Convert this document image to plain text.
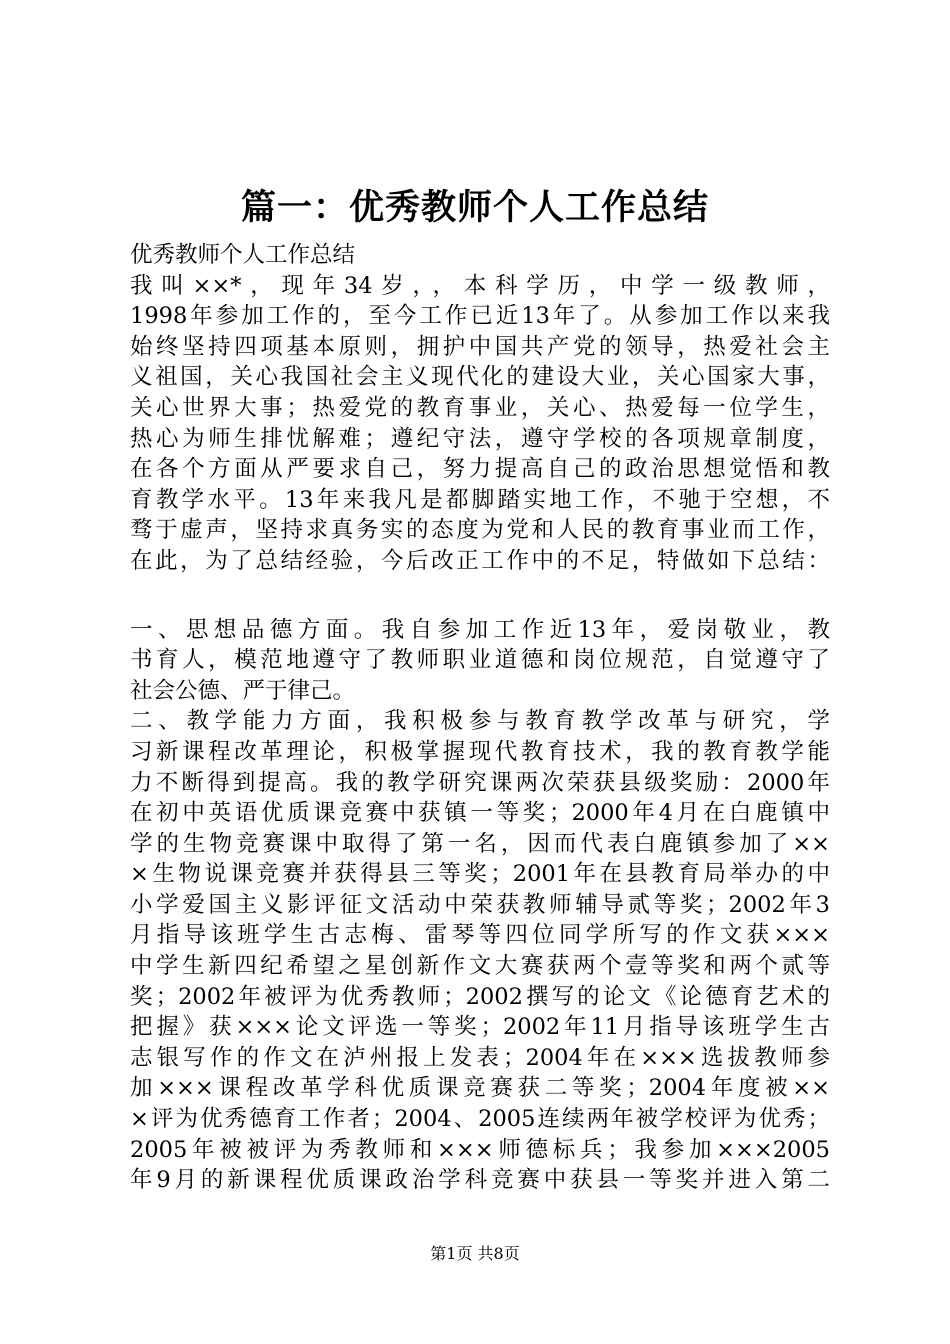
篇一：优秀教师个人工作总结
优秀教师个人工作总结
我叫××*，现年34岁，，本科学历，中学一级教师，
1998年参加工作的，至今工作已近13年了。从参加工作以来我
始终坚持四项基本原则，拥护中国共产党的领导，热爱社会主
义祖国，关心我国社会主义现代化的建设大业，关心国家大事，
关心世界大事；热爱党的教育事业，关心、热爱每一位学生，
热心为师生排忧解难；遵纪守法，遵守学校的各项规章制度，
在各个方面从严要求自己，努力提高自己的政治思想觉悟和教
育教学水平。13年来我凡是都脚踏实地工作，不驰于空想，不
骛于虚声，坚持求真务实的态度为党和人民的教育事业而工作，
在此，为了总结经验，今后改正工作中的不足，特做如下总结：
一、思想品德方面。我自参加工作近13年，爱岗敬业，教
书育人，模范地遵守了教师职业道德和岗位规范，自觉遵守了
社会公德、严于律己。
二、教学能力方面，我积极参与教育教学改革与研究，学
习新课程改革理论，积极掌握现代教育技术，我的教育教学能
力不断得到提高。我的教学研究课两次荣获县级奖励：2000年
在初中英语优质课竞赛中获镇一等奖；2000年4月在白鹿镇中
学的生物竞赛课中取得了第一名，因而代表白鹿镇参加了××
×生物说课竞赛并获得县三等奖；2001年在县教育局举办的中
小学爱国主义影评征文活动中荣获教师辅导贰等奖；2002年3
月指导该班学生古志梅、雷琴等四位同学所写的作文获×××
中学生新四纪希望之星创新作文大赛获两个壹等奖和两个贰等
奖；2002年被评为优秀教师；2002撰写的论文《论德育艺术的
把握》获×××论文评选一等奖；2002年11月指导该班学生古
志银写作的作文在泸州报上发表；2004年在×××选拔教师参
加×××课程改革学科优质课竞赛获二等奖；2004年度被××
×评为优秀德育工作者；2004、2005连续两年被学校评为优秀；
2005年被被评为秀教师和×××师德标兵；我参加×××2005
年9月的新课程优质课政治学科竞赛中获县一等奖并进入第二
第1页 共8页
